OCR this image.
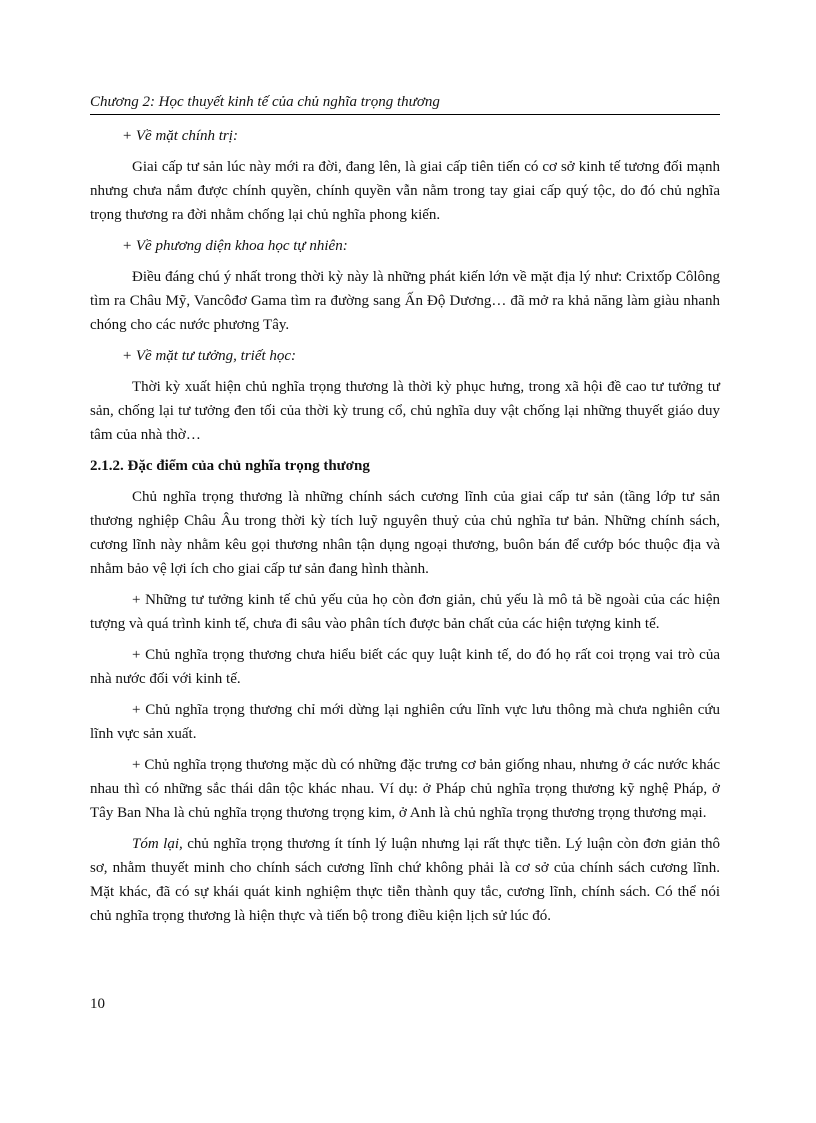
Chương 2: Học thuyết kinh tế của chủ nghĩa trọng thương

+ Về mặt chính trị:

Giai cấp tư sản lúc này mới ra đời, đang lên, là giai cấp tiên tiến có cơ sở kinh tế tương đối mạnh nhưng chưa nắm được chính quyền, chính quyền vẫn nằm trong tay giai cấp quý tộc, do đó chủ nghĩa trọng thương ra đời nhằm chống lại chủ nghĩa phong kiến.

+ Về phương diện khoa học tự nhiên:

Điều đáng chú ý nhất trong thời kỳ này là những phát kiến lớn về mặt địa lý như: Crixtốp Côlông tìm ra Châu Mỹ, Vancôđơ Gama tìm ra đường sang Ấn Độ Dương… đã mở ra khả năng làm giàu nhanh chóng cho các nước phương Tây.

+ Về mặt tư tưởng, triết học:

Thời kỳ xuất hiện chủ nghĩa trọng thương là thời kỳ phục hưng, trong xã hội đề cao tư tưởng tư sản, chống lại tư tưởng đen tối của thời kỳ trung cổ, chủ nghĩa duy vật chống lại những thuyết giáo duy tâm của nhà thờ…

2.1.2. Đặc điểm của chủ nghĩa trọng thương

Chủ nghĩa trọng thương là những chính sách cương lĩnh của giai cấp tư sản (tầng lớp tư sản thương nghiệp Châu Âu trong thời kỳ tích luỹ nguyên thuỷ của chủ nghĩa tư bản. Những chính sách, cương lĩnh này nhằm kêu gọi thương nhân tận dụng ngoại thương, buôn bán để cướp bóc thuộc địa và nhằm bảo vệ lợi ích cho giai cấp tư sản đang hình thành.

+ Những tư tưởng kinh tế chủ yếu của họ còn đơn giản, chủ yếu là mô tả bề ngoài của các hiện tượng và quá trình kinh tế, chưa đi sâu vào phân tích được bản chất của các hiện tượng kinh tế.

+ Chủ nghĩa trọng thương chưa hiểu biết các quy luật kinh tế, do đó họ rất coi trọng vai trò của nhà nước đối với kinh tế.

+ Chủ nghĩa trọng thương chỉ mới dừng lại nghiên cứu lĩnh vực lưu thông mà chưa nghiên cứu lĩnh vực sản xuất.

+ Chủ nghĩa trọng thương mặc dù có những đặc trưng cơ bản giống nhau, nhưng ở các nước khác nhau thì có những sắc thái dân tộc khác nhau. Ví dụ: ở Pháp chủ nghĩa trọng thương kỹ nghệ Pháp, ở Tây Ban Nha là chủ nghĩa trọng thương trọng kim, ở Anh là chủ nghĩa trọng thương trọng thương mại.

Tóm lại, chủ nghĩa trọng thương ít tính lý luận nhưng lại rất thực tiễn. Lý luận còn đơn giản thô sơ, nhằm thuyết minh cho chính sách cương lĩnh chứ không phải là cơ sở của chính sách cương lĩnh. Mặt khác, đã có sự khái quát kinh nghiệm thực tiễn thành quy tắc, cương lĩnh, chính sách. Có thể nói chủ nghĩa trọng thương là hiện thực và tiến bộ trong điều kiện lịch sử lúc đó.

10
